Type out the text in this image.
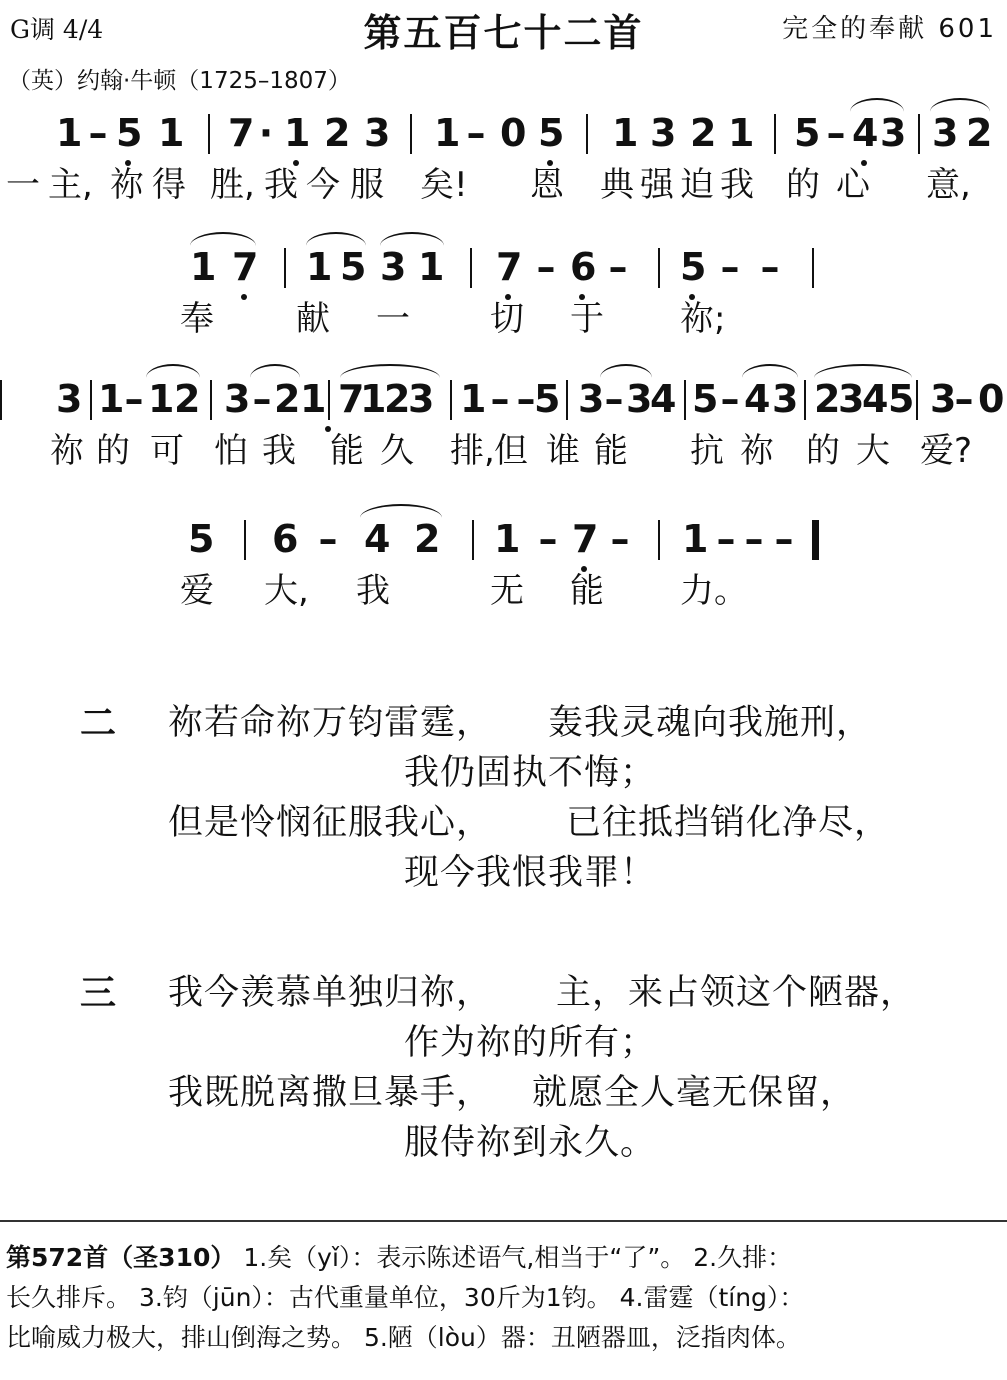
G调 4/4	第五百七十二首	完全的奉献 601
（英）约翰·牛顿（1725–1807）
1 – 5 1 7 · 1 2 3 1 – 0 5 1 3 2 1 5 – 4 3 3 2
一 主, 祢 得 胜, 我 今 服 矣! 恩 典 强 迫 我 的 心 意,
1 7 1 5 3 1 7 – 6 – 5 – –
奉 献 一 切 于 祢;
3 1 – 1 2 3 – 2 1 7
1
2
3 1 – –
5 3 – 3
4 5 – 4 3 2
3
4 5 3
– 0
祢 的 可 怕 我 能 久 排, 但 谁 能 抗 祢 的 大 爱?
5 6 – 4 2 1 – 7 – 1 – – –
爱 大, 我	无 能 力。
二 祢若命祢万钧雷霆， 轰我灵魂向我施刑，
我仍固执不悔；
但是怜悯征服我心， 已往抵挡销化净尽，
现今我恨我罪！
三 我今羡慕单独归祢， 主，来占领这个陋器，
作为祢的所有；
我既脱离撒旦暴手， 就愿全人毫无保留，
服侍祢到永久。
第572首（圣310） 1.矣（yǐ）：表示陈述语气,相当于“了”。 2.久排：
长久排斥。 3.钧（jūn）：古代重量单位，30斤为1钧。 4.雷霆（tíng）：
比喻威力极大，排山倒海之势。 5.陋（lòu）器：丑陋器皿，泛指肉体。
